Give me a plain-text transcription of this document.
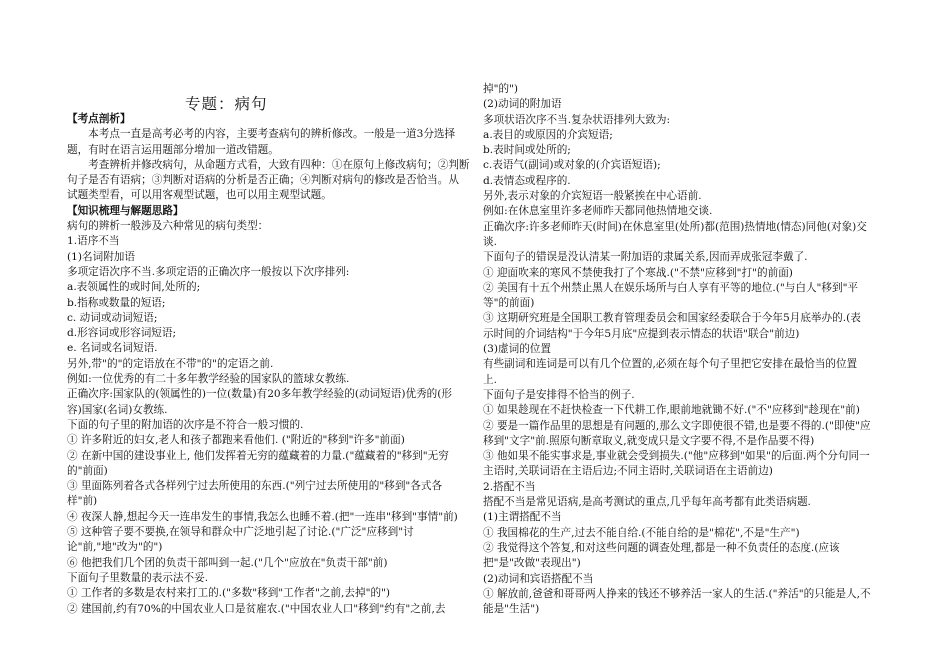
专题：病句
【考点剖析】
　　本考点一直是高考必考的内容，主要考查病句的辨析修改。一般是一道3分选择
题，有时在语言运用题部分增加一道改错题。
　　考查辨析并修改病句，从命题方式看，大致有四种：①在原句上修改病句；②判断
句子是否有语病；③判断对语病的分析是否正确；④判断对病句的修改是否恰当。从
试题类型看，可以用客观型试题，也可以用主观型试题。
【知识梳理与解题思路】
病句的辨析一般涉及六种常见的病句类型：
1.语序不当
(1)名词附加语
多项定语次序不当.多项定语的正确次序一般按以下次序排列:
a.表领属性的或时间,处所的;
b.指称或数量的短语;
c. 动词或动词短语;
d.形容词或形容词短语;
e. 名词或名词短语.
另外,带"的"的定语放在不带"的"的定语之前.
例如:一位优秀的有二十多年教学经验的国家队的篮球女教练.
正确次序:国家队的(领属性的)一位(数量)有20多年教学经验的(动词短语)优秀的(形
容)国家(名词)女教练.
下面的句子里的附加语的次序是不符合一般习惯的.
① 许多附近的妇女,老人和孩子都跑来看他们. ("附近的"移到"许多"前面)
② 在新中国的建设事业上, 他们发挥着无穷的蕴藏着的力量.("蕴藏着的"移到"无穷
的"前面)
③ 里面陈列着各式各样列宁过去所使用的东西.("列宁过去所使用的"移到"各式各
样"前)
④ 夜深人静,想起今天一连串发生的事情,我怎么也睡不着.(把"一连串"移到"事情"前)
⑤ 这种管子要不要换,在领导和群众中广泛地引起了讨论.("广泛"应移到"讨
论"前,"地"改为"的")
⑥ 他把我们几个团的负责干部叫到一起.("几个"应放在"负责干部"前)
下面句子里数量的表示法不妥.
① 工作者的多数是农村来打工的.("多数"移到"工作者"之前,去掉"的")
② 建国前,约有70%的中国农业人口是贫雇农.("中国农业人口"移到"约有"之前,去
掉"的")
(2)动词的附加语
多项状语次序不当.复杂状语排列大致为:
a.表目的或原因的介宾短语;
b.表时间或处所的;
c.表语气(副词)或对象的(介宾语短语);
d.表情态或程序的.
另外,表示对象的介宾短语一般紧挨在中心语前.
例如:在休息室里许多老师昨天都同他热情地交谈.
正确次序:许多老师昨天(时间)在休息室里(处所)都(范围)热情地(情态)同他(对象)交
谈.
下面句子的错误是没认清某一附加语的隶属关系,因而弄成张冠李戴了.
① 迎面吹来的寒风不禁使我打了个寒战.("不禁"应移到"打"的前面)
② 美国有十五个州禁止黑人在娱乐场所与白人享有平等的地位.("与白人"移到"平
等"的前面)
③ 这期研究班是全国职工教育管理委员会和国家经委联合于今年5月底举办的.(表
示时间的介词结构"于今年5月底"应提到表示情态的状语"联合"前边)
(3)虚词的位置
有些副词和连词是可以有几个位置的,必须在每个句子里把它安排在最恰当的位置
上.
下面句子是安排得不恰当的例子.
① 如果趁现在不赶快检查一下代耕工作,眼前地就锄不好.("不"应移到"趁现在"前)
② 要是一篇作品里的思想是有问题的,那么文字即使很不错,也是要不得的.("即使"应
移到"文字"前.照原句断章取义,就变成只是文字要不得,不是作品要不得)
③ 他如果不能实事求是,事业就会受到损失.("他"应移到"如果"的后面.两个分句同一
主语时,关联词语在主语后边;不同主语时,关联词语在主语前边)
2.搭配不当
搭配不当是常见语病,是高考测试的重点,几乎每年高考都有此类语病题.
(1)主谓搭配不当
① 我国棉花的生产,过去不能自给.(不能自给的是"棉花",不是"生产")
② 我觉得这个答复,和对这些问题的调查处理,都是一种不负责任的态度.(应该
把"是"改做"表现出")
(2)动词和宾语搭配不当
① 解放前,爸爸和哥哥两人挣来的钱还不够养活一家人的生活.("养活"的只能是人,不
能是"生活")
